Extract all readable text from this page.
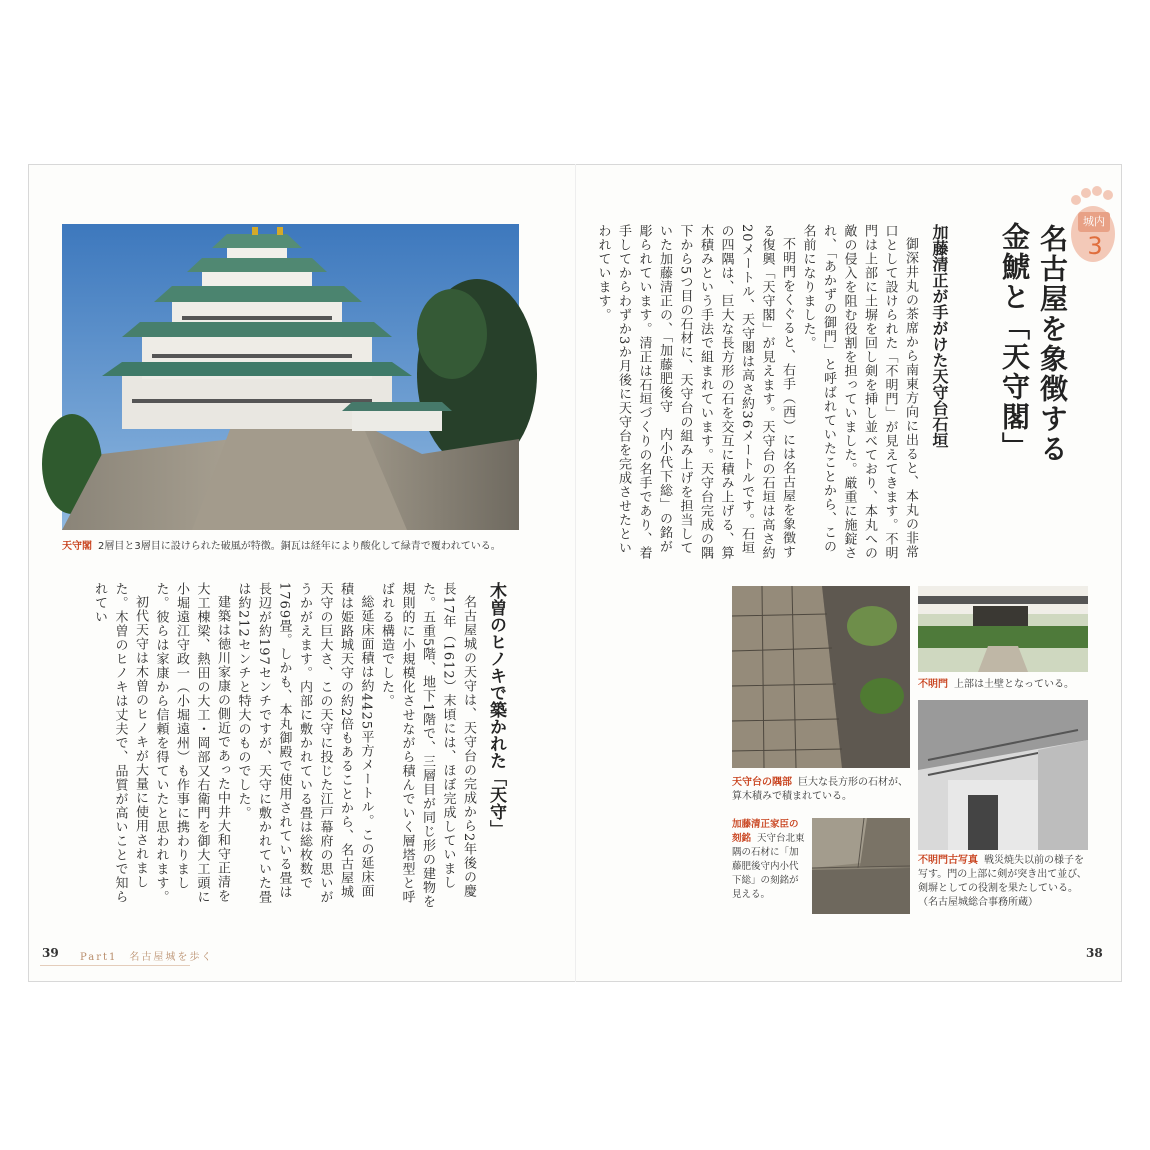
天守閣 2層目と3層目に設けられた破風が特徴。銅瓦は経年により酸化して緑青で覆われている。
木曽のヒノキで築かれた「天守」

名古屋城の天守は、天守台の完成から2年後の慶長17年（1612）末頃には、ほぼ完成していました。五重5階、地下1階で、三層目が同じ形の建物を規則的に小規模化させながら積んでいく層塔型と呼ばれる構造でした。

総延床面積は約4425平方メートル。この延床面積は姫路城天守の約2倍もあることから、名古屋城天守の巨大さ、この天守に投じた江戸幕府の思いがうかがえます。内部に敷かれている畳は総枚数で1769畳。しかも、本丸御殿で使用されている畳は長辺が約197センチですが、天守に敷かれていた畳は約212センチと特大のものでした。

建築は徳川家康の側近であった中井大和守正清を大工棟梁、熱田の大工・岡部又右衛門を御大工頭に小堀遠江守政一（小堀遠州）も作事に携わりました。彼らは家康から信頼を得ていたと思われます。

初代天守は木曽のヒノキが大量に使用されました。木曽のヒノキは丈夫で、品質が高いことで知られてい

39 Part1　名古屋城を歩く
城内
3
名古屋を象徴する
金鯱と「天守閣」
加藤清正が手がけた天守台石垣

御深井丸の茶席から南東方向に出ると、本丸の非常口として設けられた「不明門」が見えてきます。不明門は上部に土塀を回し剣を挿し並べており、本丸への敵の侵入を阻む役割を担っていました。厳重に施錠され、「あかずの御門」と呼ばれていたことから、この名前になりました。

不明門をくぐると、右手（西）には名古屋を象徴する復興「天守閣」が見えます。天守台の石垣は高さ約20メートル、天守閣は高さ約36メートルです。石垣の四隅は、巨大な長方形の石を交互に積み上げる、算木積みという手法で組まれています。天守台完成の隅下から5つ目の石材に、天守台の組み上げを担当していた加藤清正の、「加藤肥後守　内小代下総」の銘が彫られています。清正は石垣づくりの名手であり、着手してからわずか3か月後に天守台を完成させたといわれています。

天守台の隅部 巨大な長方形の石材が、算木積みで積まれている。
加藤清正家臣の刻銘 天守台北東隅の石材に「加藤肥後守内小代下総」の刻銘が見える。
不明門 上部は土壁となっている。
不明門古写真 戦災焼失以前の様子を写す。門の上部に剣が突き出て並び、剣塀としての役割を果たしている。
（名古屋城総合事務所蔵）
38
